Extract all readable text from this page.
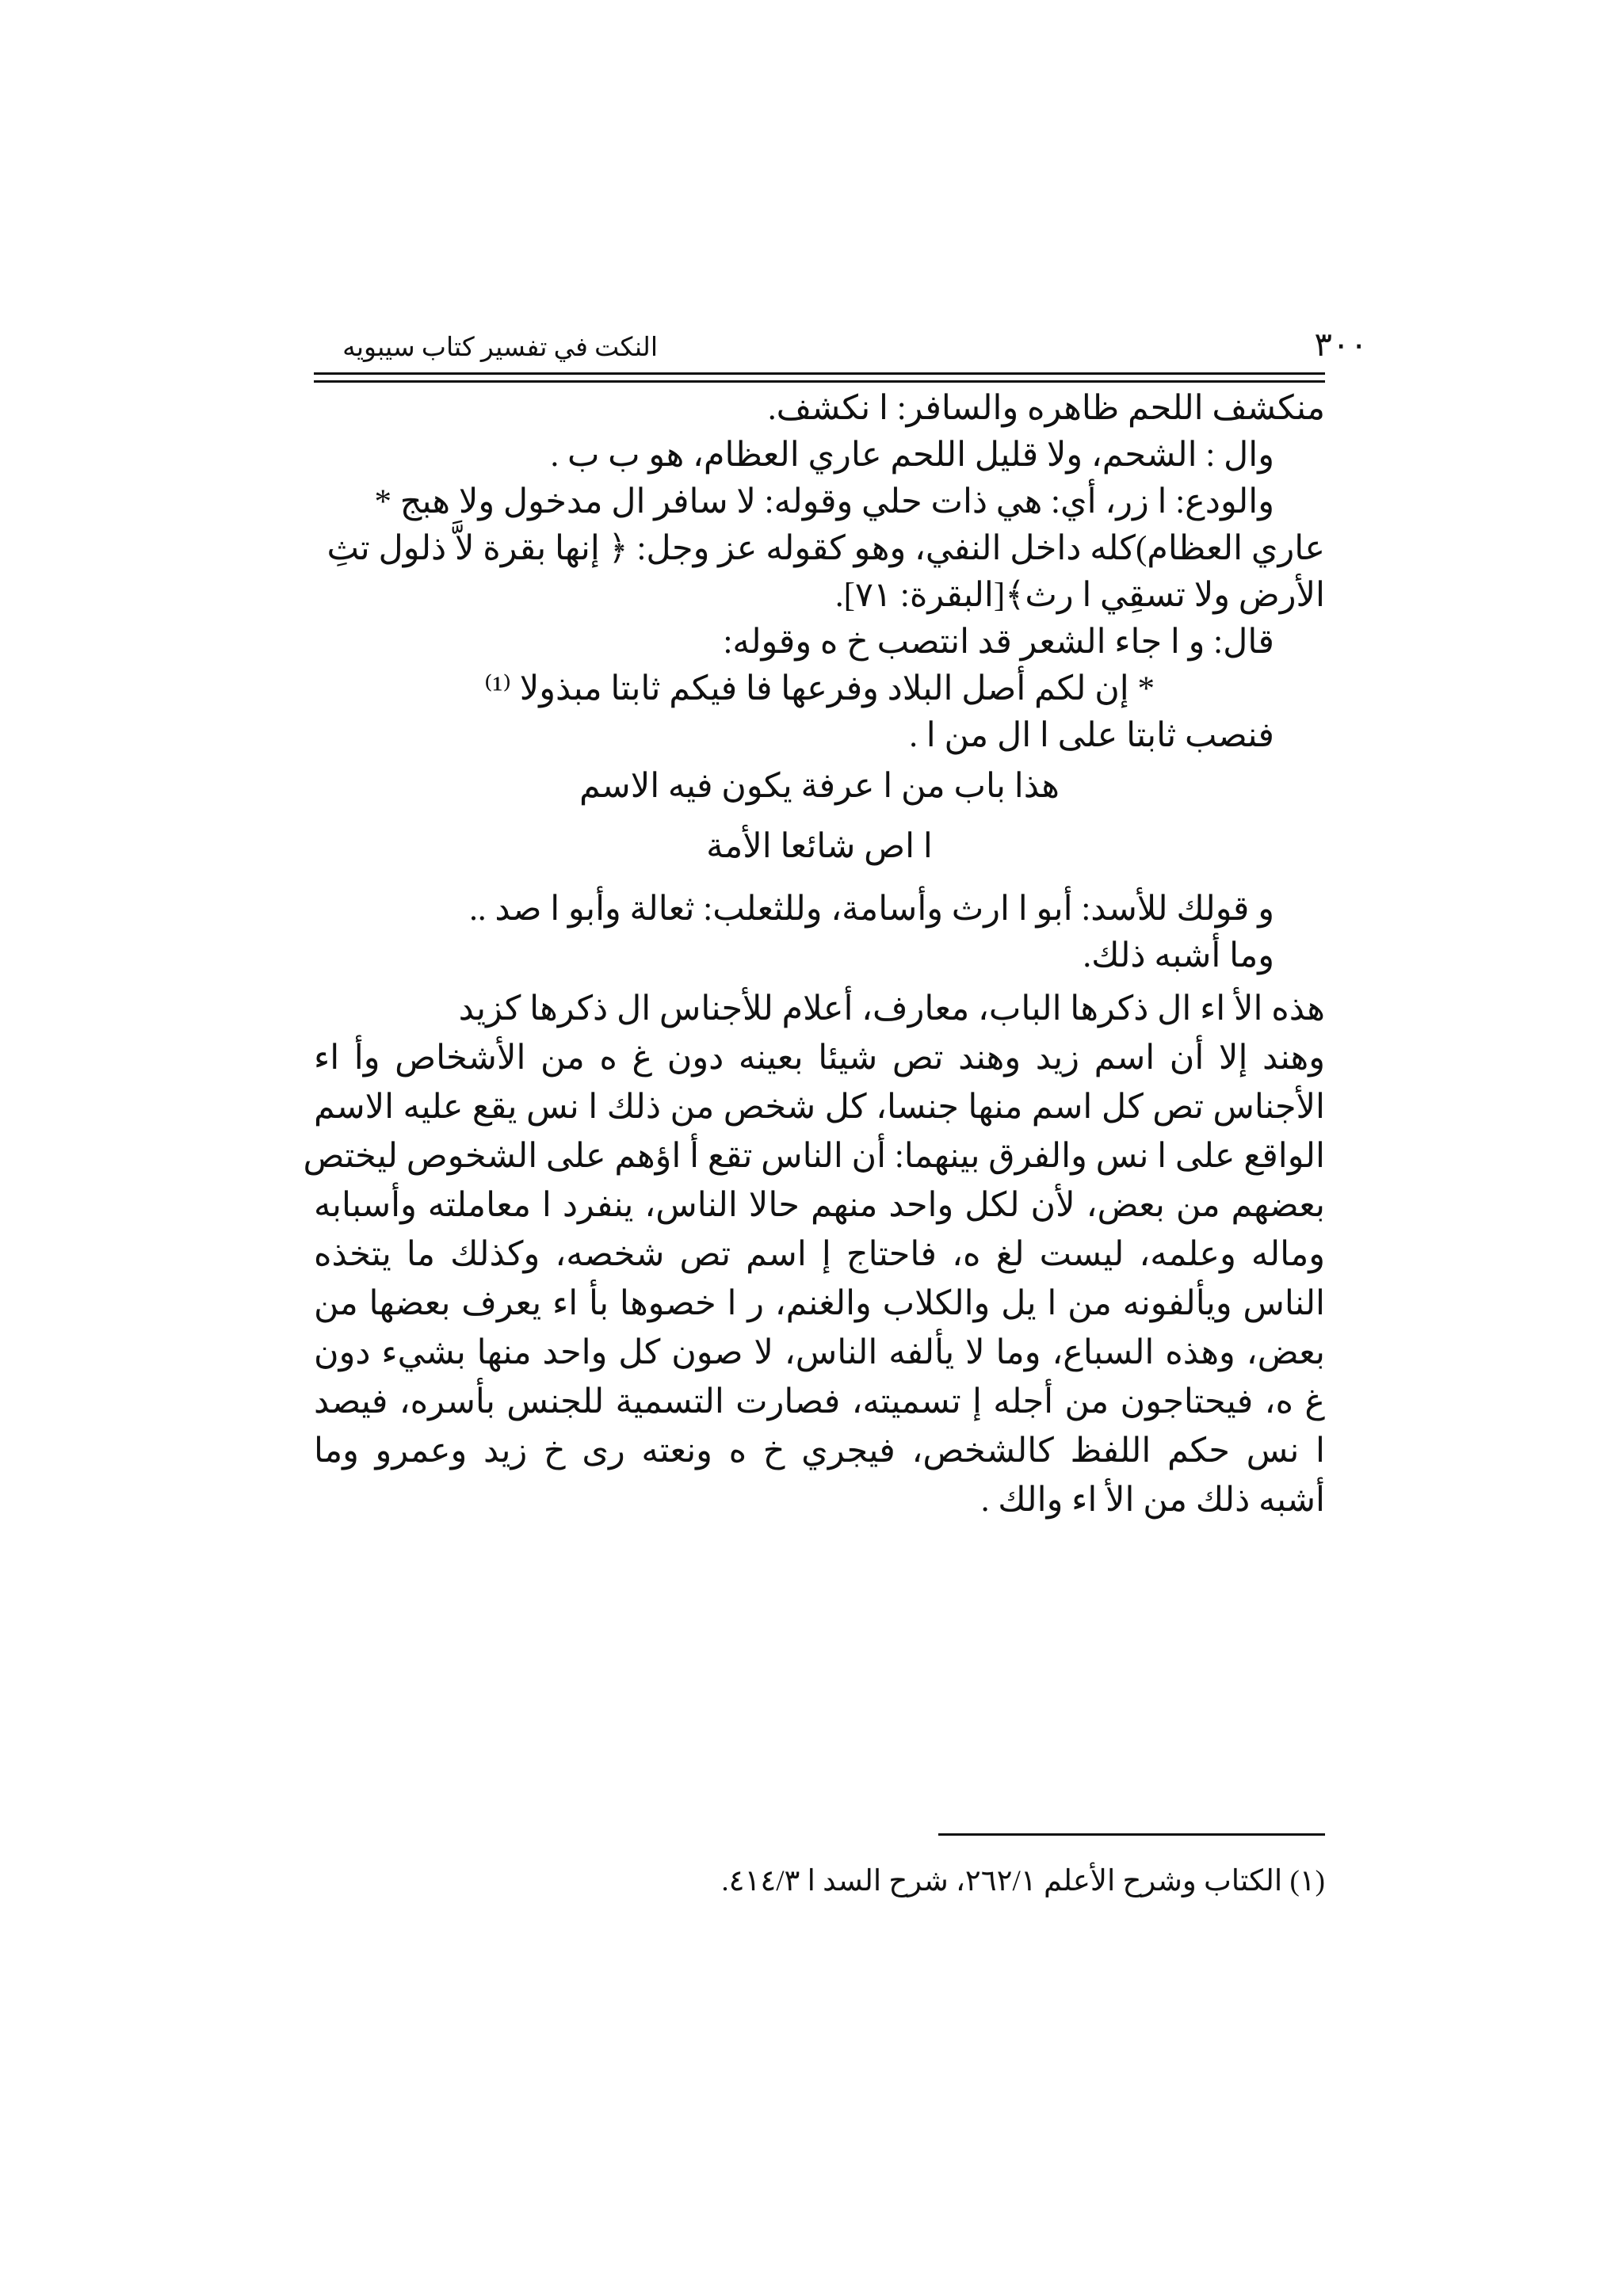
النكت في تفسير كتاب سيبويه	٣٠٠
منكشف اللحم ظاهره والسافر: ا نكشف.
وال : الشحم، ولا قليل اللحم عاري العظام، هو ب ب .
والودع: ا زر، أي: هي ذات حلي وقوله: لا سافر ال مدخول ولا هبج *
عاري العظام)كله داخل النفي، وهو كقوله عز وجل: ﴿ إنها بقرة لاَّ ذلول تثِ
الأرض ولا تسقِي ا رث﴾[البقرة: ٧١].
قال: و ا جاء الشعر قد انتصب خ ه وقوله:
* إن لكم أصل البلاد وفرعها فا فيكم ثابتا مبذولا ⁽¹⁾
فنصب ثابتا على ا ال من ا .
هذا باب من ا عرفة يكون فيه الاسم
ا اص شائعا الأمة
و قولك للأسد: أبو ا ارث وأسامة، وللثعلب: ثعالة وأبو ا صد ..
وما أشبه ذلك.
هذه الأ اء ال ذكرها الباب، معارف، أعلام للأجناس ال ذكرها كزيد
وهند إلا أن اسم زيد وهند تص شيئا بعينه دون غ ه من الأشخاص وأ اء
الأجناس تص كل اسم منها جنسا، كل شخص من ذلك ا نس يقع عليه الاسم
الواقع على ا نس والفرق بينهما: أن الناس تقع أ اؤهم على الشخوص ليختص
بعضهم من بعض، لأن لكل واحد منهم حالا الناس، ينفرد ا معاملته وأسبابه
وماله وعلمه، ليست لغ ه، فاحتاج إ اسم تص شخصه، وكذلك ما يتخذه
الناس ويألفونه من ا يل والكلاب والغنم، ر ا خصوها بأ اء يعرف بعضها من
بعض، وهذه السباع، وما لا يألفه الناس، لا صون كل واحد منها بشيء دون
غ ه، فيحتاجون من أجله إ تسميته، فصارت التسمية للجنس بأسره، فيصد
ا نس حكم اللفظ كالشخص، فيجري خ ه ونعته رى خ زيد وعمرو وما
أشبه ذلك من الأ اء والك .
(١) الكتاب وشرح الأعلم ٢٦٢/١، شرح السد ا ٤١٤/٣.
